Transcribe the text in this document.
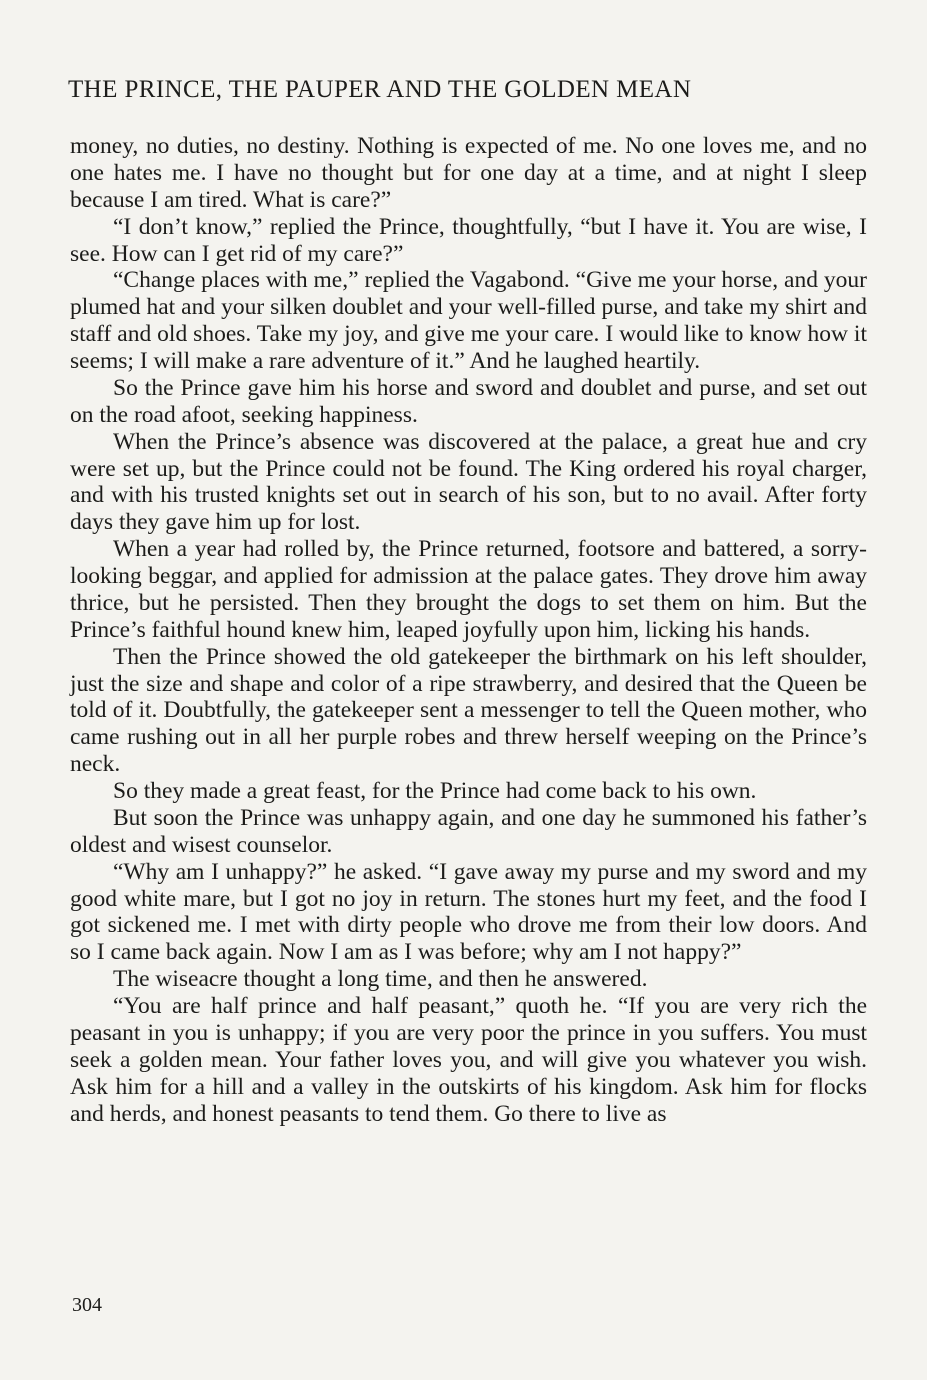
THE PRINCE, THE PAUPER AND THE GOLDEN MEAN

money, no duties, no destiny. Nothing is expected of me. No one loves me, and no one hates me. I have no thought but for one day at a time, and at night I sleep because I am tired. What is care?”

“I don’t know,” replied the Prince, thoughtfully, “but I have it. You are wise, I see. How can I get rid of my care?”

“Change places with me,” replied the Vagabond. “Give me your horse, and your plumed hat and your silken doublet and your well-filled purse, and take my shirt and staff and old shoes. Take my joy, and give me your care. I would like to know how it seems; I will make a rare adventure of it.” And he laughed heartily.

So the Prince gave him his horse and sword and doublet and purse, and set out on the road afoot, seeking happiness.

When the Prince’s absence was discovered at the palace, a great hue and cry were set up, but the Prince could not be found. The King ordered his royal charger, and with his trusted knights set out in search of his son, but to no avail. After forty days they gave him up for lost.

When a year had rolled by, the Prince returned, footsore and battered, a sorry-looking beggar, and applied for admission at the palace gates. They drove him away thrice, but he persisted. Then they brought the dogs to set them on him. But the Prince’s faithful hound knew him, leaped joyfully upon him, licking his hands.

Then the Prince showed the old gatekeeper the birthmark on his left shoulder, just the size and shape and color of a ripe strawberry, and desired that the Queen be told of it. Doubtfully, the gatekeeper sent a messenger to tell the Queen mother, who came rushing out in all her purple robes and threw herself weeping on the Prince’s neck.

So they made a great feast, for the Prince had come back to his own.

But soon the Prince was unhappy again, and one day he summoned his father’s oldest and wisest counselor.

“Why am I unhappy?” he asked. “I gave away my purse and my sword and my good white mare, but I got no joy in return. The stones hurt my feet, and the food I got sickened me. I met with dirty people who drove me from their low doors. And so I came back again. Now I am as I was before; why am I not happy?”

The wiseacre thought a long time, and then he answered.

“You are half prince and half peasant,” quoth he. “If you are very rich the peasant in you is unhappy; if you are very poor the prince in you suffers. You must seek a golden mean. Your father loves you, and will give you whatever you wish. Ask him for a hill and a valley in the outskirts of his kingdom. Ask him for flocks and herds, and honest peasants to tend them. Go there to live as

304
